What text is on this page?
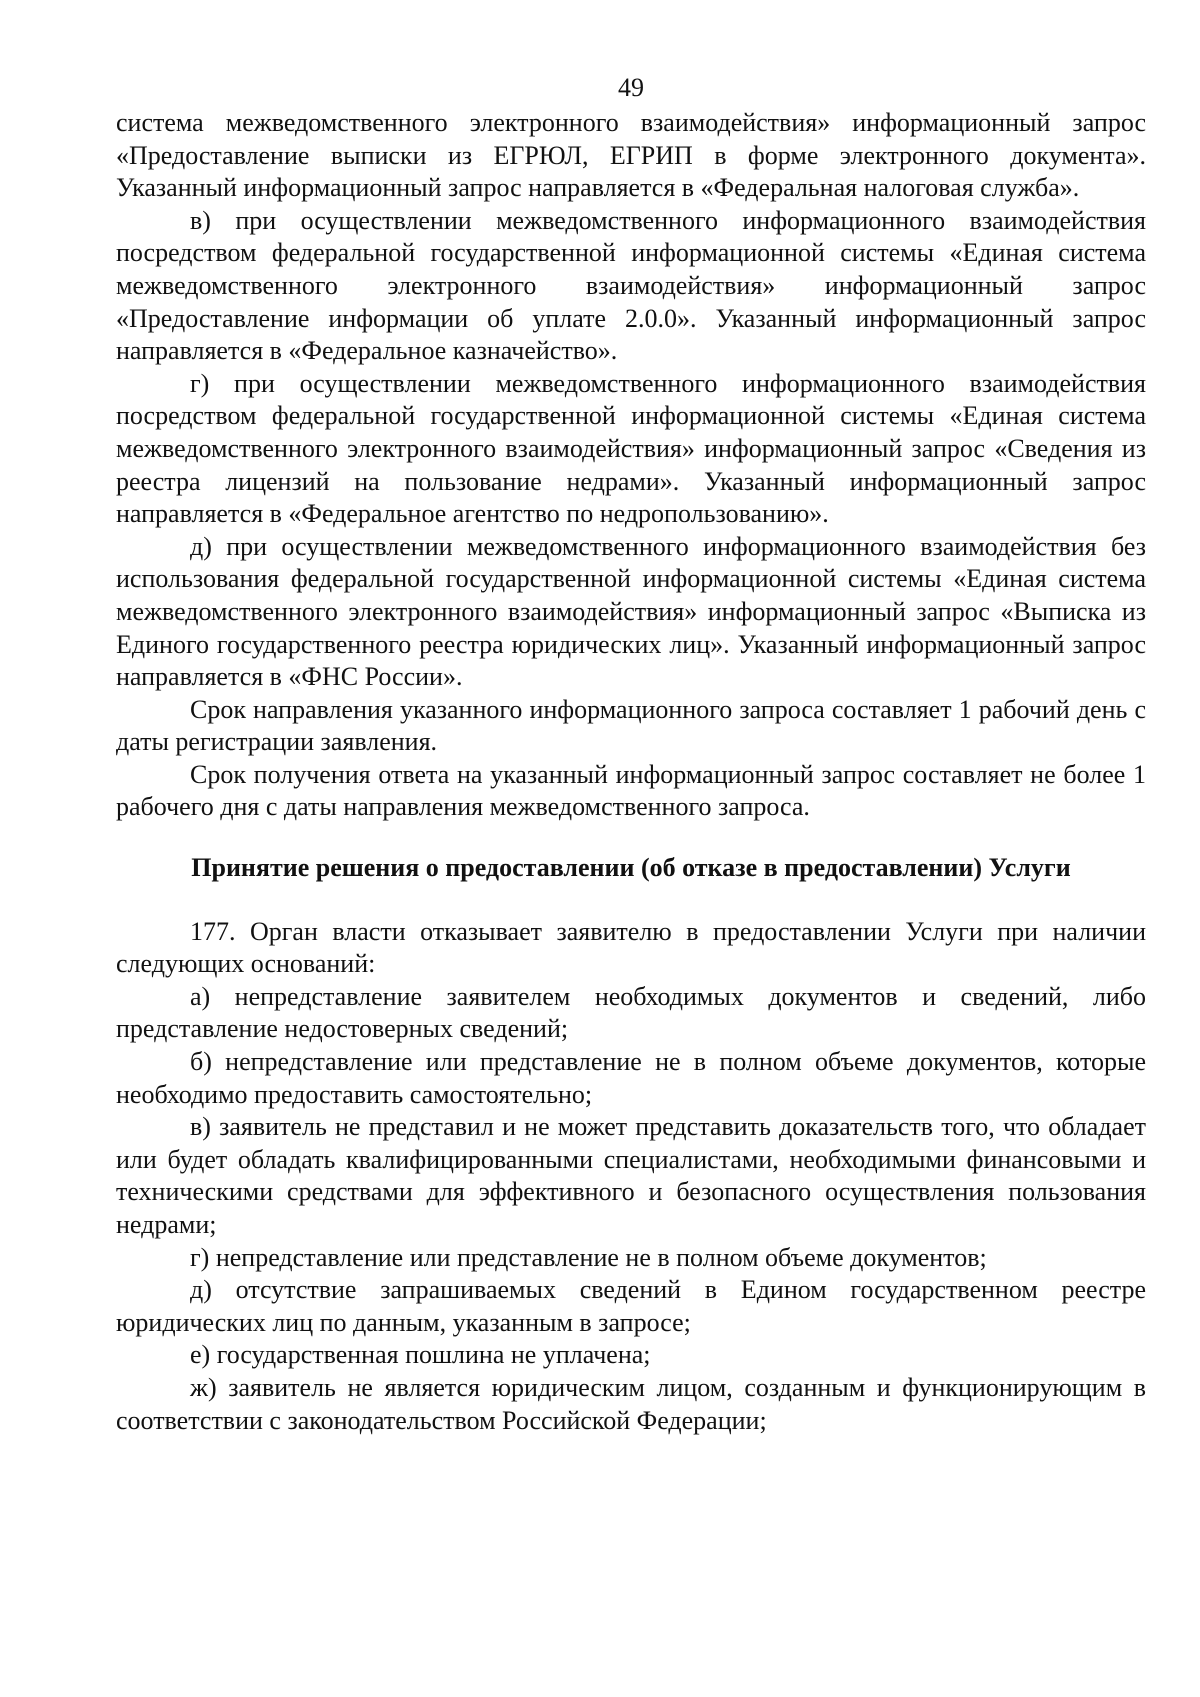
49

система межведомственного электронного взаимодействия» информационный запрос «Предоставление выписки из ЕГРЮЛ, ЕГРИП в форме электронного документа». Указанный информационный запрос направляется в «Федеральная налоговая служба».

в) при осуществлении межведомственного информационного взаимодействия посредством федеральной государственной информационной системы «Единая система межведомственного электронного взаимодействия» информационный запрос «Предоставление информации об уплате 2.0.0». Указанный информационный запрос направляется в «Федеральное казначейство».

г) при осуществлении межведомственного информационного взаимодействия посредством федеральной государственной информационной системы «Единая система межведомственного электронного взаимодействия» информационный запрос «Сведения из реестра лицензий на пользование недрами». Указанный информационный запрос направляется в «Федеральное агентство по недропользованию».

д) при осуществлении межведомственного информационного взаимодействия без использования федеральной государственной информационной системы «Единая система межведомственного электронного взаимодействия» информационный запрос «Выписка из Единого государственного реестра юридических лиц». Указанный информационный запрос направляется в «ФНС России».

Срок направления указанного информационного запроса составляет 1 рабочий день с даты регистрации заявления.

Срок получения ответа на указанный информационный запрос составляет не более 1 рабочего дня с даты направления межведомственного запроса.

Принятие решения о предоставлении (об отказе в предоставлении) Услуги

177. Орган власти отказывает заявителю в предоставлении Услуги при наличии следующих оснований:

а) непредставление заявителем необходимых документов и сведений, либо представление недостоверных сведений;

б) непредставление или представление не в полном объеме документов, которые необходимо предоставить самостоятельно;

в) заявитель не представил и не может представить доказательств того, что обладает или будет обладать квалифицированными специалистами, необходимыми финансовыми и техническими средствами для эффективного и безопасного осуществления пользования недрами;

г) непредставление или представление не в полном объеме документов;

д) отсутствие запрашиваемых сведений в Едином государственном реестре юридических лиц по данным, указанным в запросе;

е) государственная пошлина не уплачена;

ж) заявитель не является юридическим лицом, созданным и функционирующим в соответствии с законодательством Российской Федерации;
